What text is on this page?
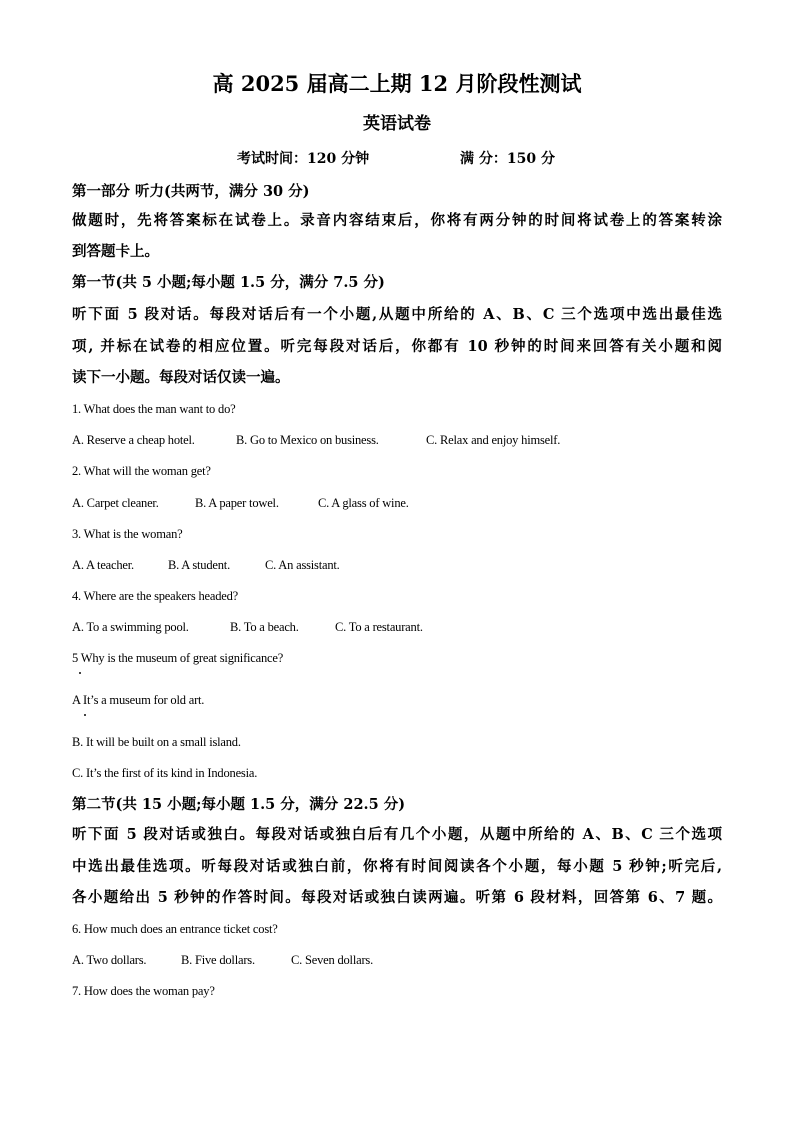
高 2025 届高二上期 12 月阶段性测试
英语试卷
考试时间：120 分钟	满 分：150 分
第一部分 听力(共两节，满分 30 分)
做题时，先将答案标在试卷上。录音内容结束后，你将有两分钟的时间将试卷上的答案转涂
到答题卡上。
第一节(共 5 小题;每小题 1.5 分，满分 7.5 分)
听下面 5 段对话。每段对话后有一个小题,从题中所给的 A、B、C 三个选项中选出最佳选
项, 并标在试卷的相应位置。听完每段对话后，你都有 10 秒钟的时间来回答有关小题和阅
读下一小题。每段对话仅读一遍。
1. What does the man want to do?
A. Reserve a cheap hotel.	B. Go to Mexico on business.	C. Relax and enjoy himself.
2. What will the woman get?
A. Carpet cleaner.	B. A paper towel.	C. A glass of wine.
3. What is the woman?
A. A teacher.	B. A student.	C. An assistant.
4. Where are the speakers headed?
A. To a swimming pool.	B. To a beach.	C. To a restaurant.
5 Why is the museum of great significance?
A It’s a museum for old art.
B. It will be built on a small island.
C. It’s the first of its kind in Indonesia.
第二节(共 15 小题;每小题 1.5 分，满分 22.5 分)
听下面 5 段对话或独白。每段对话或独白后有几个小题，从题中所给的 A、B、C 三个选项
中选出最佳选项。听每段对话或独白前，你将有时间阅读各个小题，每小题 5 秒钟;听完后,
各小题给出 5 秒钟的作答时间。每段对话或独白读两遍。听第 6 段材料，回答第 6、7 题。
6. How much does an entrance ticket cost?
A. Two dollars.	B. Five dollars.	C. Seven dollars.
7. How does the woman pay?
